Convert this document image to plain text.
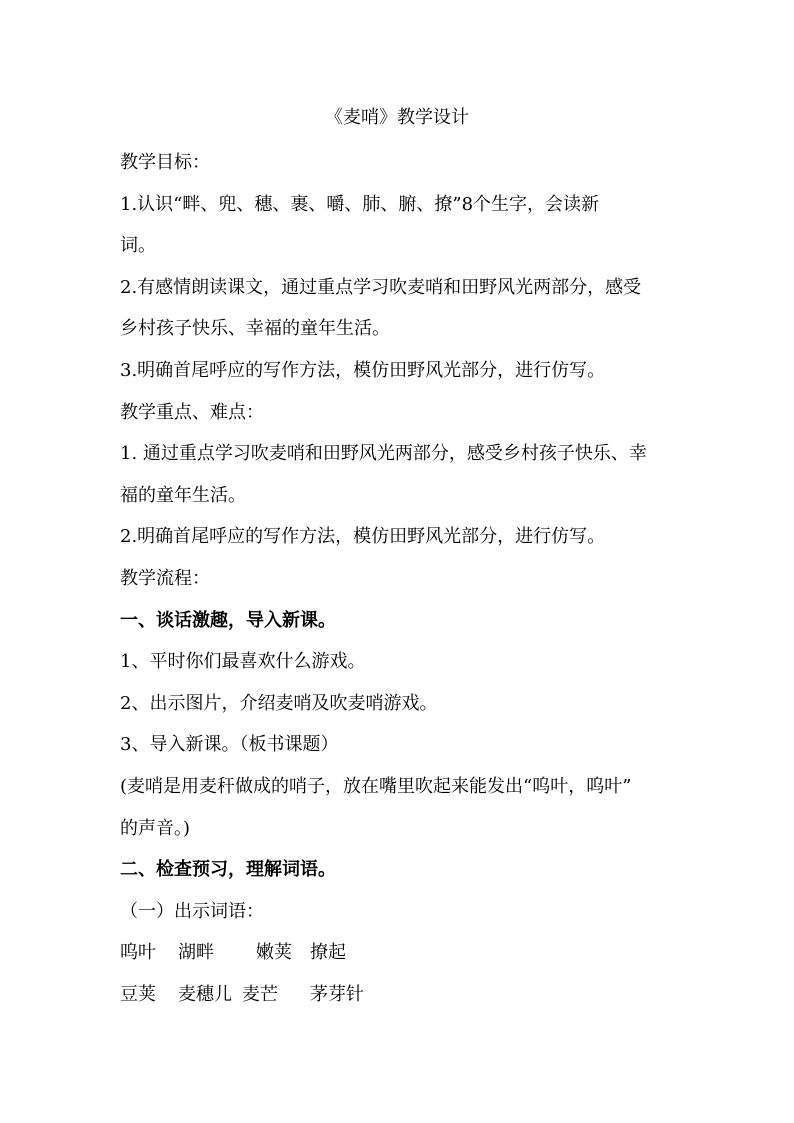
《麦哨》教学设计
教学目标：
1.认识“畔、兜、穗、裹、嚼、肺、腑、撩”8个生字，会读新
词。
2.有感情朗读课文，通过重点学习吹麦哨和田野风光两部分，感受
乡村孩子快乐、幸福的童年生活。
3.明确首尾呼应的写作方法，模仿田野风光部分，进行仿写。
教学重点、难点：
1. 通过重点学习吹麦哨和田野风光两部分，感受乡村孩子快乐、幸
福的童年生活。
2.明确首尾呼应的写作方法，模仿田野风光部分，进行仿写。
教学流程：
一、谈话激趣，导入新课。
1、平时你们最喜欢什么游戏。
2、出示图片，介绍麦哨及吹麦哨游戏。
3、导入新课。（板书课题）
(麦哨是用麦秆做成的哨子，放在嘴里吹起来能发出“呜叶，呜叶”
的声音。)
二、检查预习，理解词语。
（一）出示词语：
呜叶 湖畔 嫩荚 撩起
豆荚 麦穗儿 麦芒 茅芽针
